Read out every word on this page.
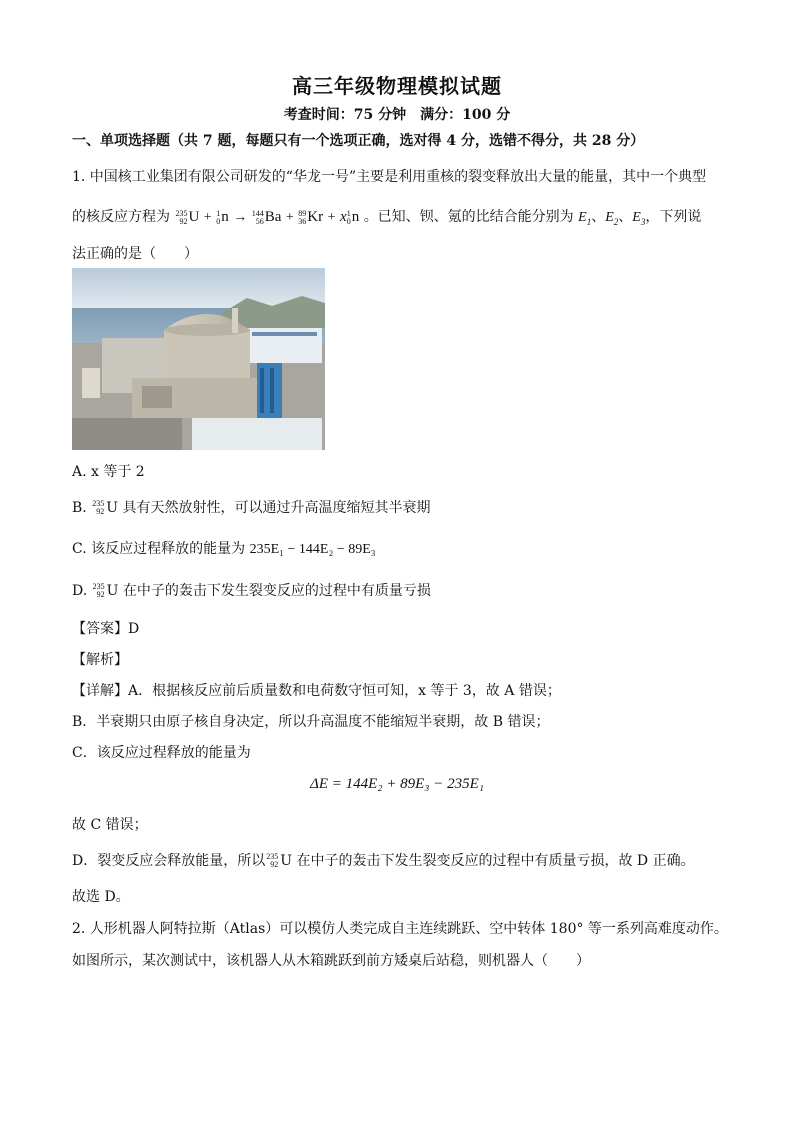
高三年级物理模拟试题
考查时间：75 分钟　满分：100 分
一、单项选择题（共 7 题，每题只有一个选项正确，选对得 4 分，选错不得分，共 28 分）
1. 中国核工业集团有限公司研发的“华龙一号”主要是利用重核的裂变释放出大量的能量，其中一个典型
的核反应方程为 235
92 U + 1
0 n → 144
56 Ba + 89
36 Kr + x 1
0 n 。已知、钡、氪的比结合能分别为 $E_1$、$E_2$、$E_3$，下列说
法正确的是（　　）
A. x 等于 2
B. 235
92 U 具有天然放射性，可以通过升高温度缩短其半衰期
C. 该反应过程释放的能量为 235E₁ − 144E₂ − 89E₃
D. 235
92 U 在中子的轰击下发生裂变反应的过程中有质量亏损
【答案】D
【解析】
【详解】A．根据核反应前后质量数和电荷数守恒可知，x 等于 3，故 A 错误；
B．半衰期只由原子核自身决定，所以升高温度不能缩短半衰期，故 B 错误；
C．该反应过程释放的能量为
ΔE = 144E₂ + 89E₃ − 235E₁
故 C 错误；
D．裂变反应会释放能量，所以 235
92 U 在中子的轰击下发生裂变反应的过程中有质量亏损，故 D 正确。
故选 D。
2. 人形机器人阿特拉斯（Atlas）可以模仿人类完成自主连续跳跃、空中转体 180° 等一系列高难度动作。
如图所示，某次测试中，该机器人从木箱跳跃到前方矮桌后站稳，则机器人（　　）
